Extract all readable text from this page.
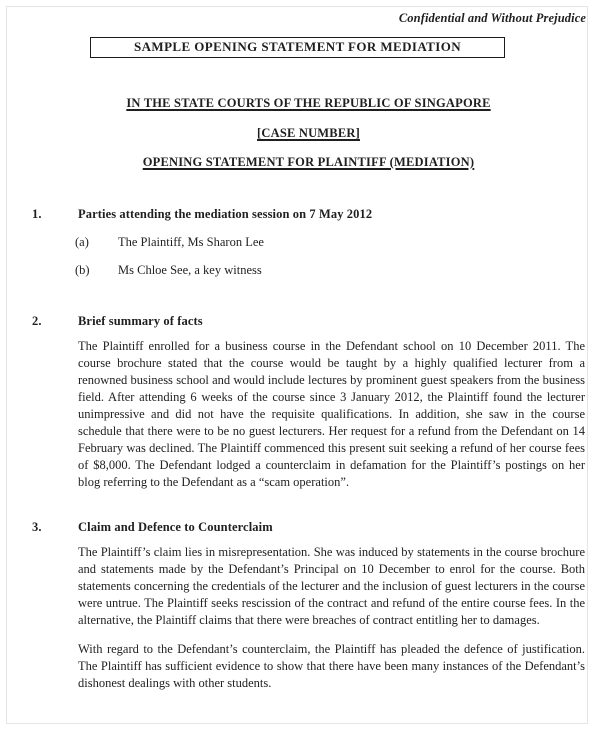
Confidential and Without Prejudice
SAMPLE OPENING STATEMENT FOR MEDIATION
IN THE STATE COURTS OF THE REPUBLIC OF SINGAPORE
[CASE NUMBER]
OPENING STATEMENT FOR PLAINTIFF (MEDIATION)
1.	Parties attending the mediation session on 7 May 2012
(a)	The Plaintiff, Ms Sharon Lee
(b)	Ms Chloe See, a key witness
2.	Brief summary of facts
The Plaintiff enrolled for a business course in the Defendant school on 10 December 2011. The course brochure stated that the course would be taught by a highly qualified lecturer from a renowned business school and would include lectures by prominent guest speakers from the business field. After attending 6 weeks of the course since 3 January 2012, the Plaintiff found the lecturer unimpressive and did not have the requisite qualifications. In addition, she saw in the course schedule that there were to be no guest lecturers. Her request for a refund from the Defendant on 14 February was declined. The Plaintiff commenced this present suit seeking a refund of her course fees of $8,000. The Defendant lodged a counterclaim in defamation for the Plaintiff’s postings on her blog referring to the Defendant as a “scam operation”.
3.	Claim and Defence to Counterclaim
The Plaintiff’s claim lies in misrepresentation. She was induced by statements in the course brochure and statements made by the Defendant’s Principal on 10 December to enrol for the course. Both statements concerning the credentials of the lecturer and the inclusion of guest lecturers in the course were untrue. The Plaintiff seeks rescission of the contract and refund of the entire course fees. In the alternative, the Plaintiff claims that there were breaches of contract entitling her to damages.
With regard to the Defendant’s counterclaim, the Plaintiff has pleaded the defence of justification. The Plaintiff has sufficient evidence to show that there have been many instances of the Defendant’s dishonest dealings with other students.
